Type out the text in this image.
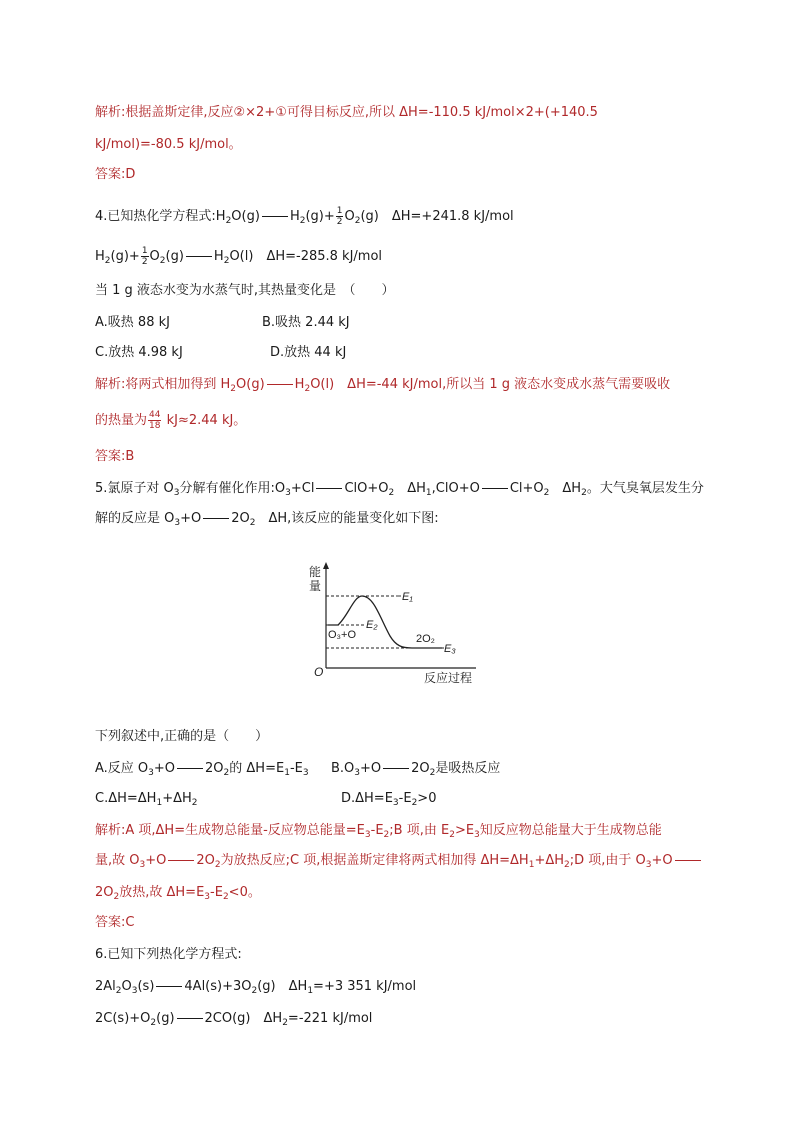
解析:根据盖斯定律,反应②×2+①可得目标反应,所以 ΔH=-110.5 kJ/mol×2+(+140.5
kJ/mol)=-80.5 kJ/mol。
答案:D
4.已知热化学方程式$:H_2O(g)$ $H_2(g)+ \frac{1}{2} O_2(g)$　 ΔH=+241.8 kJ/mol
$H_2(g)+ \frac{1}{2} O_2(g)$ $H_2O(l)$　 ΔH=-285.8 kJ/mol
当 1 g 液态水变为水蒸气时,其热量变化是　（　　）
A.吸热 88 kJ	B.吸热 2.44 kJ
C.放热 4.98 kJ	D.放热 44 kJ
解析:将两式相加得到 $H_2O(g)$ $H_2O(l)$　ΔH=-44 kJ/mol,所以当 1 g 液态水变成水蒸气需要吸收
的热量为 $\frac{44}{18} kJ\approx 2.44$ kJ。
答案:B
5.氯原子对 $O_3$分解有催化作用$:O_3+Cl$ $ClO+O_2$　$\Delta H_1,ClO+O$ $Cl+O_2$　$\Delta H_2$。大气臭氧层发生分
解的反应是 $O_3+O$ $2O_2$　ΔH,该反应的能量变化如下图:
能
量
E₁
E₂
E₃
O₃+O	2O₂
O	反应过程
下列叙述中,正确的是（　　）
A.反应 $O_3+O$ $2O_2$的 $\Delta H=E_1-E_3$ $B.O_3+O$ $2O_2$是吸热反应
$C.\Delta H=\Delta H_1+\Delta H_2$	$D.\Delta H=E_3-E_2>0$
解析:A 项,ΔH=生成物总能量-反应物总能量$=E_3-E_2;B$ 项,由 $E_2>E_3$知反应物总能量大于生成物总能
量,故 $O_3+O$ $2O_2$为放热反应;C 项,根据盖斯定律将两式相加得 $\Delta H=\Delta H_1+\Delta H_2;D$ 项,由于 $O_3+O$
$2O_2$放热,故 $\Delta H=E_3-E_2<0$。
答案:C
6.已知下列热化学方程式:
$2Al_2O_3(s)$ $4Al(s)+3O_2(g)$　$\Delta H_1=+3$ 351 kJ/mol
$2C(s)+O_2(g)$ 2CO(g)　$\Delta H_2=-221$ kJ/mol
